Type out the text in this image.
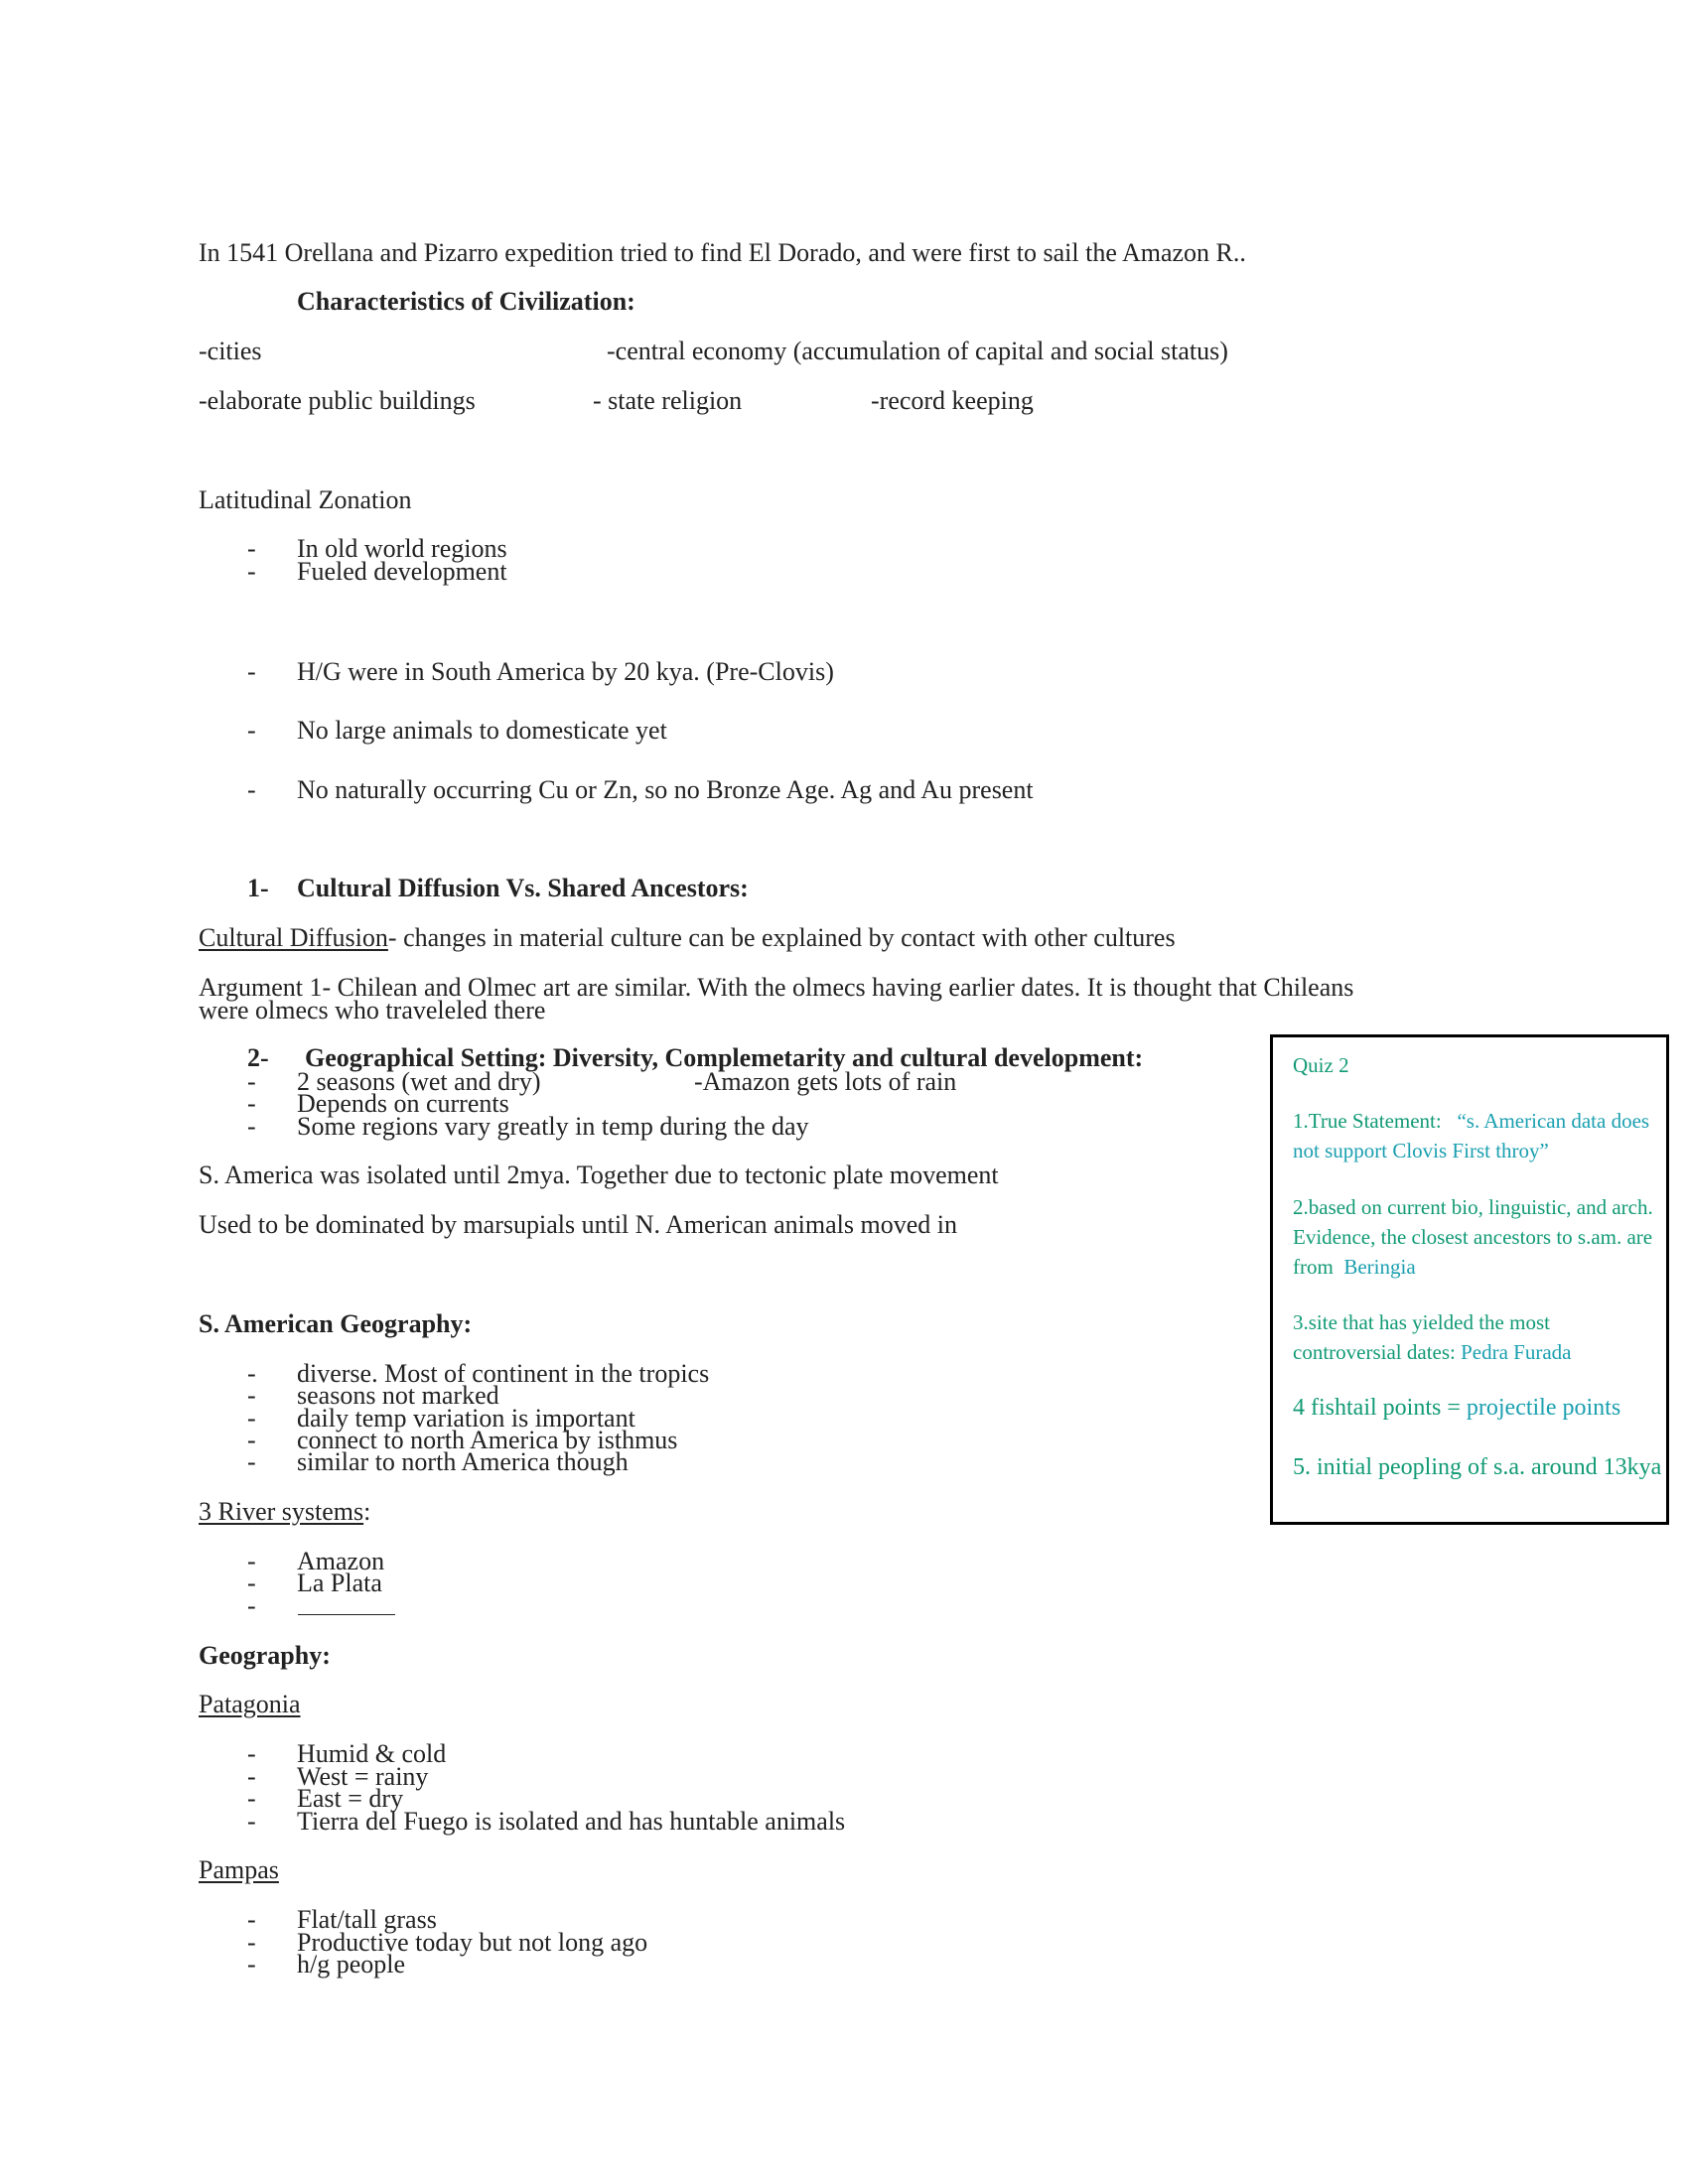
In 1541 Orellana and Pizarro expedition tried to find El Dorado, and were first to sail the Amazon R..
Characteristics of Civilization:
-cities	-central economy (accumulation of capital and social status)
-elaborate public buildings	- state religion	-record keeping
Latitudinal Zonation
- In old world regions
- Fueled development
- H/G were in South America by 20 kya. (Pre-Clovis)
- No large animals to domesticate yet
- No naturally occurring Cu or Zn, so no Bronze Age. Ag and Au present
1- Cultural Diffusion Vs. Shared Ancestors:
Cultural Diffusion- changes in material culture can be explained by contact with other cultures
Argument 1- Chilean and Olmec art are similar. With the olmecs having earlier dates. It is thought that Chileans
were olmecs who traveleled there
2- Geographical Setting: Diversity, Complemetarity and cultural development:
- 2 seasons (wet and dry)	-Amazon gets lots of rain
- Depends on currents
- Some regions vary greatly in temp during the day
S. America was isolated until 2mya. Together due to tectonic plate movement
Used to be dominated by marsupials until N. American animals moved in
S. American Geography:
- diverse. Most of continent in the tropics
- seasons not marked
- daily temp variation is important
- connect to north America by isthmus
- similar to north America though
3 River systems:
- Amazon
- La Plata
-
Geography:
Patagonia
- Humid & cold
- West = rainy
- East = dry
- Tierra del Fuego is isolated and has huntable animals
Pampas
- Flat/tall grass
- Productive today but not long ago
- h/g people
Quiz 2
1.True Statement: “s. American data does not support Clovis First throy”
2.based on current bio, linguistic, and arch. Evidence, the closest ancestors to s.am. are from Beringia
3.site that has yielded the most controversial dates: Pedra Furada
4 fishtail points = projectile points
5. initial peopling of s.a. around 13kya
